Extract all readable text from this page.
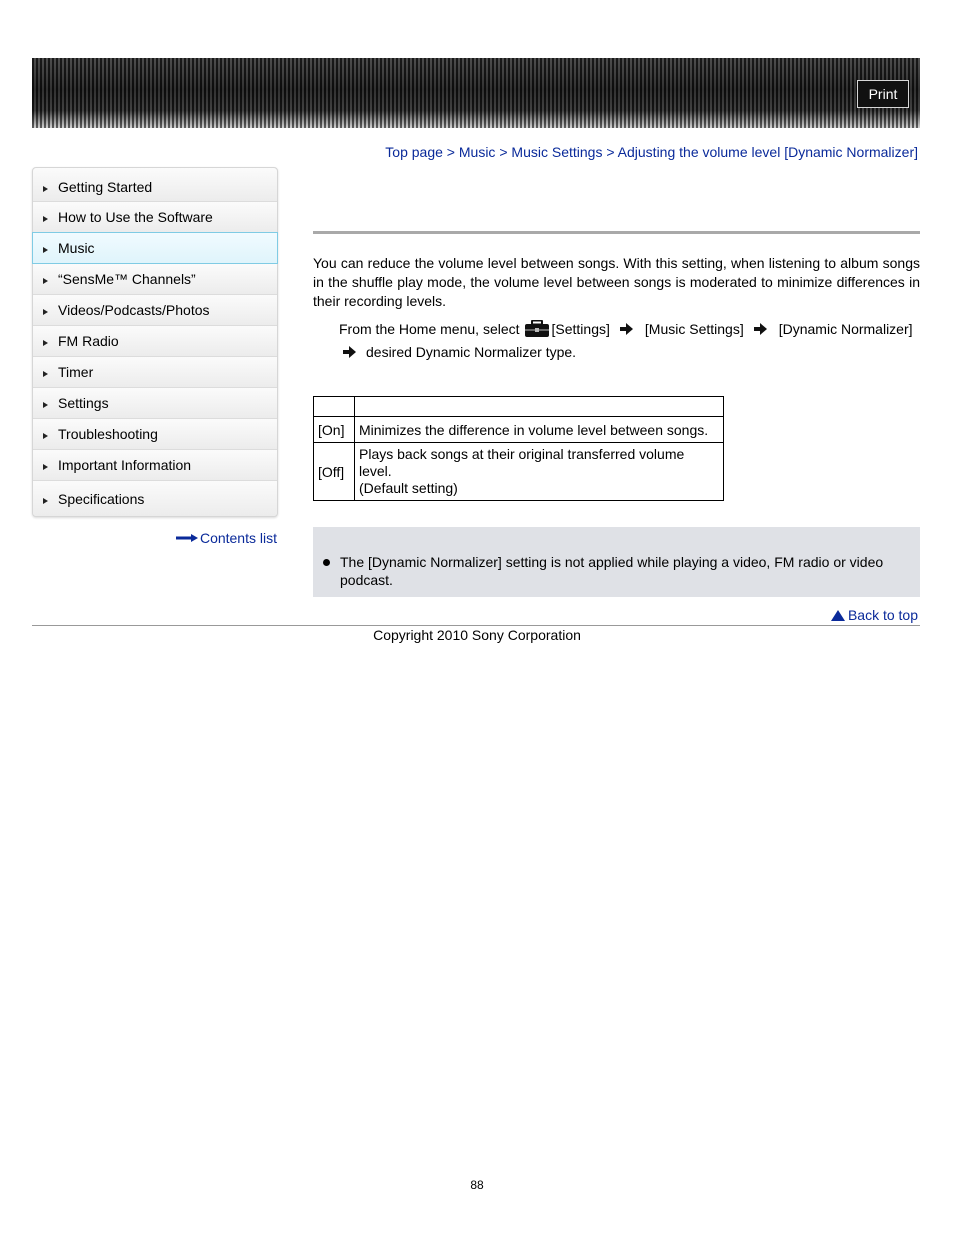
Print
Top page > Music > Music Settings > Adjusting the volume level [Dynamic Normalizer]
Getting Started
How to Use the Software
Music
“SensMe™ Channels”
Videos/Podcasts/Photos
FM Radio
Timer
Settings
Troubleshooting
Important Information
Specifications
Contents list
You can reduce the volume level between songs. With this setting, when listening to album songs in the shuffle play mode, the volume level between songs is moderated to minimize differences in their recording levels.
From the Home menu, select [Settings]	[Music Settings]	[Dynamic Normalizer]
desired Dynamic Normalizer type.

[On]	Minimizes the difference in volume level between songs.
[Off]	Plays back songs at their original transferred volume level.
(Default setting)
The [Dynamic Normalizer] setting is not applied while playing a video, FM radio or video podcast.
Back to top
Copyright 2010 Sony Corporation
88
